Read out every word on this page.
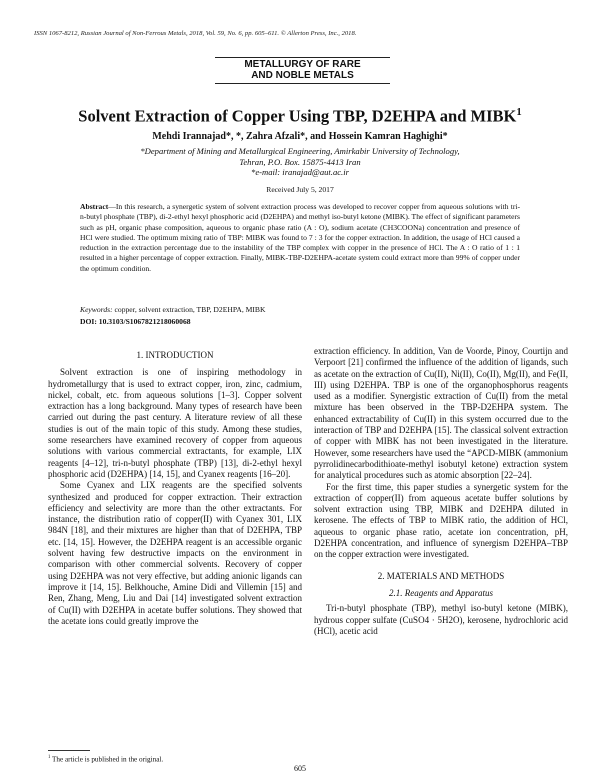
ISSN 1067-8212, Russian Journal of Non-Ferrous Metals, 2018, Vol. 59, No. 6, pp. 605–611. © Allerton Press, Inc., 2018.
METALLURGY OF RARE
AND NOBLE METALS
Solvent Extraction of Copper Using TBP, D2EHPA and MIBK$^1$
Mehdi Irannajad*, *, Zahra Afzali*, and Hossein Kamran Haghighi*
*Department of Mining and Metallurgical Engineering, Amirkabir University of Technology,
Tehran, P.O. Box. 15875-4413 Iran
*e-mail: iranajad@aut.ac.ir
Received July 5, 2017
Abstract—In this research, a synergetic system of solvent extraction process was developed to recover copper from aqueous solutions with tri-n-butyl phosphate (TBP), di-2-ethyl hexyl phosphoric acid (D2EHPA) and methyl iso-butyl ketone (MIBK). The effect of significant parameters such as pH, organic phase composition, aqueous to organic phase ratio (A : O), sodium acetate (CH3COONa) concentration and presence of HCl were studied. The optimum mixing ratio of TBP: MIBK was found to 7 : 3 for the copper extraction. In addition, the usage of HCl caused a reduction in the extraction percentage due to the instability of the TBP complex with copper in the presence of HCl. The A : O ratio of 1 : 1 resulted in a higher percentage of copper extraction. Finally, MIBK-TBP-D2EHPA-acetate system could extract more than 99% of copper under the optimum condition.
Keywords: copper, solvent extraction, TBP, D2EHPA, MIBK
DOI: 10.3103/S1067821218060068
1. INTRODUCTION

Solvent extraction is one of inspiring methodology in hydrometallurgy that is used to extract copper, iron, zinc, cadmium, nickel, cobalt, etc. from aqueous solutions [1–3]. Copper solvent extraction has a long background. Many types of research have been carried out during the past century. A literature review of all these studies is out of the main topic of this study. Among these studies, some researchers have examined recovery of copper from aqueous solutions with various commercial extractants, for example, LIX reagents [4–12], tri-n-butyl phosphate (TBP) [13], di-2-ethyl hexyl phosphoric acid (D2EHPA) [14, 15], and Cyanex reagents [16–20].

Some Cyanex and LIX reagents are the specified solvents synthesized and produced for copper extraction. Their extraction efficiency and selectivity are more than the other extractants. For instance, the distribution ratio of copper(II) with Cyanex 301, LIX 984N [18], and their mixtures are higher than that of D2EHPA, TBP etc. [14, 15]. However, the D2EHPA reagent is an accessible organic solvent having few destructive impacts on the environment in comparison with other commercial solvents. Recovery of copper using D2EHPA was not very effective, but adding anionic ligands can improve it [14, 15]. Belkhouche, Amine Didi and Villemin [15] and Ren, Zhang, Meng, Liu and Dai [14] investigated solvent extraction of Cu(II) with D2EHPA in acetate buffer solutions. They showed that the acetate ions could greatly improve the

extraction efficiency. In addition, Van de Voorde, Pinoy, Courtijn and Verpoort [21] confirmed the influence of the addition of ligands, such as acetate on the extraction of Cu(II), Ni(II), Co(II), Mg(II), and Fe(II, III) using D2EHPA. TBP is one of the organophosphorus reagents used as a modifier. Synergistic extraction of Cu(II) from the metal mixture has been observed in the TBP-D2EHPA system. The enhanced extractability of Cu(II) in this system occurred due to the interaction of TBP and D2EHPA [15]. The classical solvent extraction of copper with MIBK has not been investigated in the literature. However, some researchers have used the “APCD-MIBK (ammonium pyrrolidinecarbodithioate-methyl isobutyl ketone) extraction system for analytical procedures such as atomic absorption [22–24].

For the first time, this paper studies a synergetic system for the extraction of copper(II) from aqueous acetate buffer solutions by solvent extraction using TBP, MIBK and D2EHPA diluted in kerosene. The effects of TBP to MIBK ratio, the addition of HCl, aqueous to organic phase ratio, acetate ion concentration, pH, D2EHPA concentration, and influence of synergism D2EHPA–TBP on the copper extraction were investigated.

2. MATERIALS AND METHODS
2.1. Reagents and Apparatus

Tri-n-butyl phosphate (TBP), methyl iso-butyl ketone (MIBK), hydrous copper sulfate (CuSO4 · 5H2O), kerosene, hydrochloric acid (HCl), acetic acid

$^1$ The article is published in the original.
605
